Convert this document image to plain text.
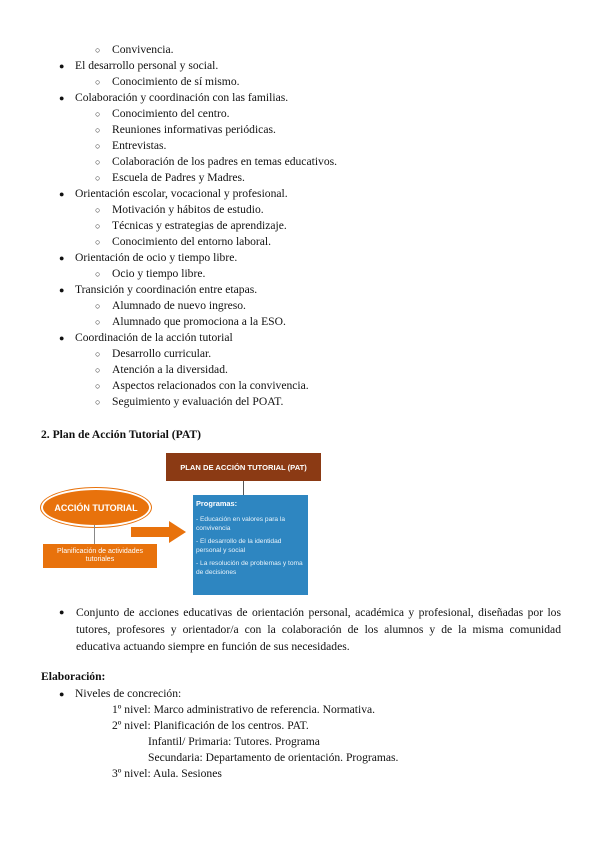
○ Convivencia.
● El desarrollo personal y social.
○ Conocimiento de sí mismo.
● Colaboración y coordinación con las familias.
○ Conocimiento del centro.
○ Reuniones informativas periódicas.
○ Entrevistas.
○ Colaboración de los padres en temas educativos.
○ Escuela de Padres y Madres.
● Orientación escolar, vocacional y profesional.
○ Motivación y hábitos de estudio.
○ Técnicas y estrategias de aprendizaje.
○ Conocimiento del entorno laboral.
● Orientación de ocio y tiempo libre.
○ Ocio y tiempo libre.
● Transición y coordinación entre etapas.
○ Alumnado de nuevo ingreso.
○ Alumnado que promociona a la ESO.
● Coordinación de la acción tutorial
○ Desarrollo curricular.
○ Atención a la diversidad.
○ Aspectos relacionados con la convivencia.
○ Seguimiento y evaluación del POAT.
2. Plan de Acción Tutorial (PAT)
PLAN DE ACCIÓN TUTORIAL (PAT)
Programas:
- Educación en valores para la convivencia
- El desarrollo de la identidad personal y social
- La resolución de problemas y toma de decisiones
ACCIÓN TUTORIAL
Planificación de actividades tutoriales
● Conjunto de acciones educativas de orientación personal, académica y profesional, diseñadas por los tutores, profesores y orientador/a con la colaboración de los alumnos y de la misma comunidad educativa actuando siempre en función de sus necesidades.
Elaboración:
● Niveles de concreción:
1º nivel: Marco administrativo de referencia. Normativa.
2º nivel: Planificación de los centros. PAT.
Infantil/ Primaria: Tutores. Programa
Secundaria: Departamento de orientación. Programas.
3º nivel: Aula. Sesiones
